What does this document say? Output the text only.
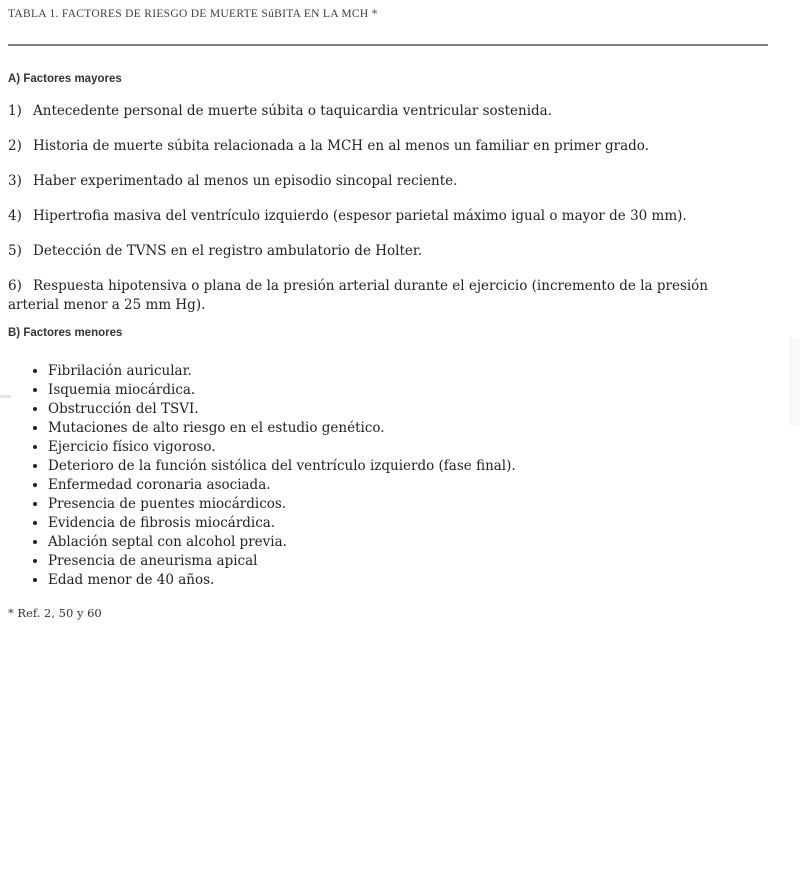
TABLA 1. FACTORES DE RIESGO DE MUERTE SúBITA EN LA MCH *

A) Factores mayores

1) Antecedente personal de muerte súbita o taquicardia ventricular sostenida.
2) Historia de muerte súbita relacionada a la MCH en al menos un familiar en primer grado.
3) Haber experimentado al menos un episodio sincopal reciente.
4) Hipertrofia masiva del ventrículo izquierdo (espesor parietal máximo igual o mayor de 30 mm).
5) Detección de TVNS en el registro ambulatorio de Holter.
6) Respuesta hipotensiva o plana de la presión arterial durante el ejercicio (incremento de la presión arterial menor a 25 mm Hg).

B) Factores menores

• Fibrilación auricular.
• Isquemia miocárdica.
• Obstrucción del TSVI.
• Mutaciones de alto riesgo en el estudio genético.
• Ejercicio físico vigoroso.
• Deterioro de la función sistólica del ventrículo izquierdo (fase final).
• Enfermedad coronaria asociada.
• Presencia de puentes miocárdicos.
• Evidencia de fibrosis miocárdica.
• Ablación septal con alcohol previa.
• Presencia de aneurisma apical
• Edad menor de 40 años.

* Ref. 2, 50 y 60
